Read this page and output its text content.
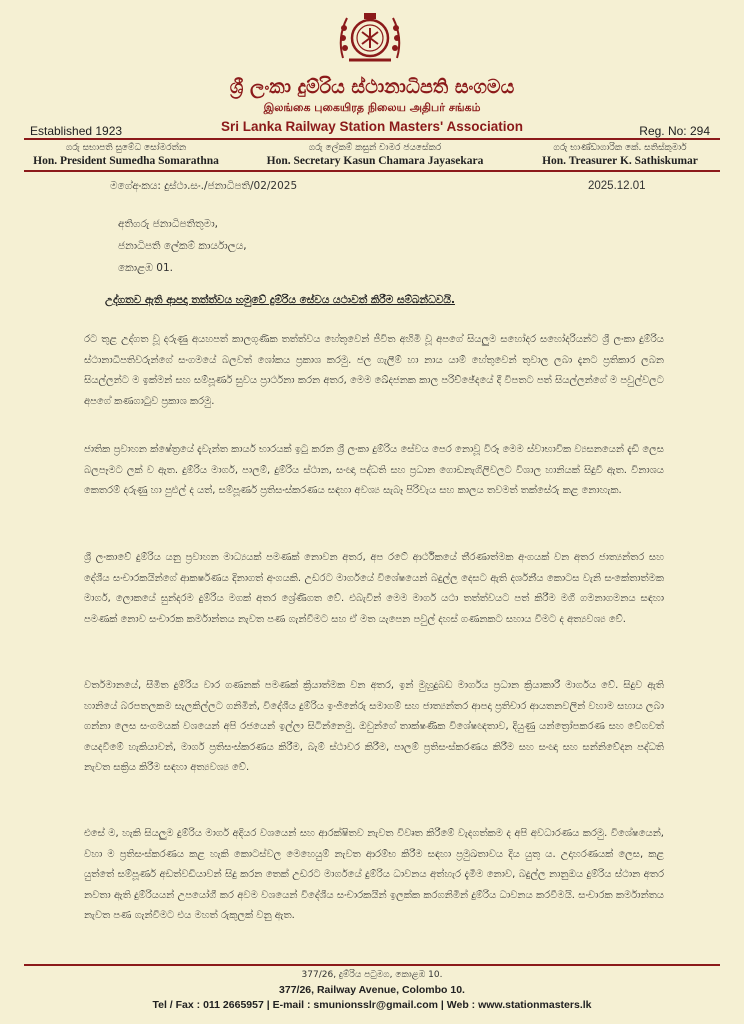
ශ්‍රී ලංකා දුම්රිය ස්ථානාධිපති සංගමය
இலங்கை புகையிரத நிலைய அதிபர் சங்கம்
Sri Lanka Railway Station Masters' Association
Established 1923	Reg. No: 294
ගරු සභාපති සුමේධ සෝමරත්න
Hon. President Sumedha Somarathna
ගරු ලේකම් කසුන් චාමර ජයසේකර
Hon. Secretary Kasun Chamara Jayasekara
ගරු භාණ්ඩාගාරික කේ. සතිස්කුමාර්
Hon. Treasurer K. Sathiskumar
මගේඅංකය: දුස්ථා.සං./ජනාධිපති/02/2025	2025.12.01
අතිගරු ජනාධිපතිතුමා,
ජනාධිපති ලේකම් කාර්යාලය,
කොළඹ 01.
උද්ගතව ඇති ආපදා තත්ත්වය හමුවේ දුම්රිය සේවය යථාවත් කිරීම සම්බන්ධවයි.
රට තුළ උද්ගත වූ දරුණු අයහපත් කාලගුණික තත්ත්වය හේතුවෙන් ජීවිත අහිමි වූ අපගේ සියලුම සහෝදර සහෝදරියන්ට ශ්‍රී ලංකා දුම්රිය ස්ථානාධිපතිවරුන්ගේ සංගමයේ බලවත් ශෝකය ප්‍රකාශ කරමු. ජල ගැලීම් හා නාය යාම් හේතුවෙන් තුවාල ලබා දැනට ප්‍රතිකාර ලබන සියල්ලන්ට ම ඉක්මන් සහ සම්පූර්ණ සුවය ප්‍රාර්ථනා කරන අතර, මෙම ඛේදජනක කාල පරිච්ඡේදයේ දී විපතට පත් සියල්ලන්ගේ ම පවුල්වලට අපගේ කණගාටුව ප්‍රකාශ කරමු.
ජාතික ප්‍රවාහන ක්ෂේත්‍රයේ දැවැන්ත කාර්ය භාරයක් ඉටු කරන ශ්‍රී ලංකා දුම්රිය සේවය පෙර නොවූ විරූ මෙම ස්වාභාවික ව්‍යසනයෙන් දැඩි ලෙස බලපෑමට ලක් ව ඇත. දුම්රිය මාර්ග, පාලම්, දුම්රිය ස්ථාන, සංඥා පද්ධති සහ ප්‍රධාන ගොඩනැගිලිවලට විශාල හානියක් සිදුවී ඇත. විනාශය කෙතරම් දරුණු හා පුළුල් ද යත්, සම්පූර්ණ ප්‍රතිසංස්කරණය සඳහා අවශ්‍ය සැබෑ පිරිවැය සහ කාලය තවමත් තක්සේරු කළ නොහැක.
ශ්‍රී ලංකාවේ දුම්රිය යනු ප්‍රවාහන මාධ්‍යයක් පමණක් නොවන අතර, අප රටේ ආර්ථිකයේ තීරණාත්මක අංගයක් වන අතර ජාත්‍යන්තර සහ දේශීය සංචාරකයින්ගේ ආකර්ෂණය දිනාගත් අංගයකි. උඩරට මාර්ගයේ විශේෂයෙන් බදුල්ල දෙසට ඇති දර්ශනීය කොටස වැනි සංකේතාත්මක මාර්ග, ලොකයේ සුන්දරම දුම්රිය මගක් අතර ශ්‍රේණිගත වේ. එබැවින් මෙම මාර්ග යථා තත්ත්වයට පත් කිරීම මගී ගමනාගමනය සඳහා පමණක් නොව සංචාරක කර්මාන්තය නැවත පණ ගැන්වීමට සහ ඒ මත යැපෙන පවුල් දහස් ගණනකට සහාය වීමට ද අත්‍යවශ්‍ය වේ.
වර්තමානයේ, සීමිත දුම්රිය වාර ගණනක් පමණක් ක්‍රියාත්මක වන අතර, ඉන් මුහුදුබඩ මාර්ගය ප්‍රධාන ක්‍රියාකාරී මාර්ගය වේ. සිදුව ඇති හානියේ බරපතලකම සැලකිල්ලට ගනිමින්, විදේශීය දුම්රිය ඉංජිනේරු සමාගම් සහ ජාත්‍යන්තර ආපදා ප්‍රතිචාර ආයතනවලින් වහාම සහාය ලබා ගන්නා ලෙස සංගමයක් වශයෙන් අපි රජයෙන් ඉල්ලා සිටින්නෙමු. ඔවුන්ගේ තාක්ෂණික විශේෂඥතාව, දියුණු යන්ත්‍රෝපකරණ සහ වේගවත් යෙදවීමේ හැකියාවන්, මාර්ග ප්‍රතිසංස්කරණය කිරීම, බැම් ස්ථාවර කිරීම, පාලම් ප්‍රතිසංස්කරණය කිරීම සහ සංඥා සහ සන්නිවේදන පද්ධති නැවත සක්‍රිය කිරීම සඳහා අත්‍යවශ්‍ය වේ.
එසේ ම, හැකි සියලුම දුම්රිය මාර්ග අදියර වශයෙන් සහ ආරක්ෂිතව නැවත විවෘත කිරීමේ වැදගත්කම ද අපි අවධාරණය කරමු. විශේෂයෙන්, වහා ම ප්‍රතිසංස්කරණය කළ හැකි කොටස්වල මෙහෙයුම් නැවත ආරම්භ කිරීම සඳහා ප්‍රමුඛතාවය දිය යුතු ය. උදාහරණයක් ලෙස, කළ යුත්තේ සම්පූර්ණ අඩත්වඩියාවන් සිදු කරන තෙක් උඩරට මාර්ගයේ දුම්රිය ධාවනය අත්හැර දැමීම නොව, බදුල්ල නානුඔය දුම්රිය ස්ථාන අතර නවතා ඇති දුම්රියයන් උපයෝගී කර අවම වශයෙන් විදේශීය සංචාරකයින් ඉලක්ක කරගනිමින් දුම්රිය ධාවනය කරවීමයි. සංචාරක කර්මාන්තය නැවත පණ ගැන්වීමට එය මහත් රුකුලක් වනු ඇත.
377/26, දුම්රිය පටුමග, කොළඹ 10.
377/26, Railway Avenue, Colombo 10.
Tel / Fax : 011 2665957 | E-mail : smunionsslr@gmail.com | Web : www.stationmasters.lk
